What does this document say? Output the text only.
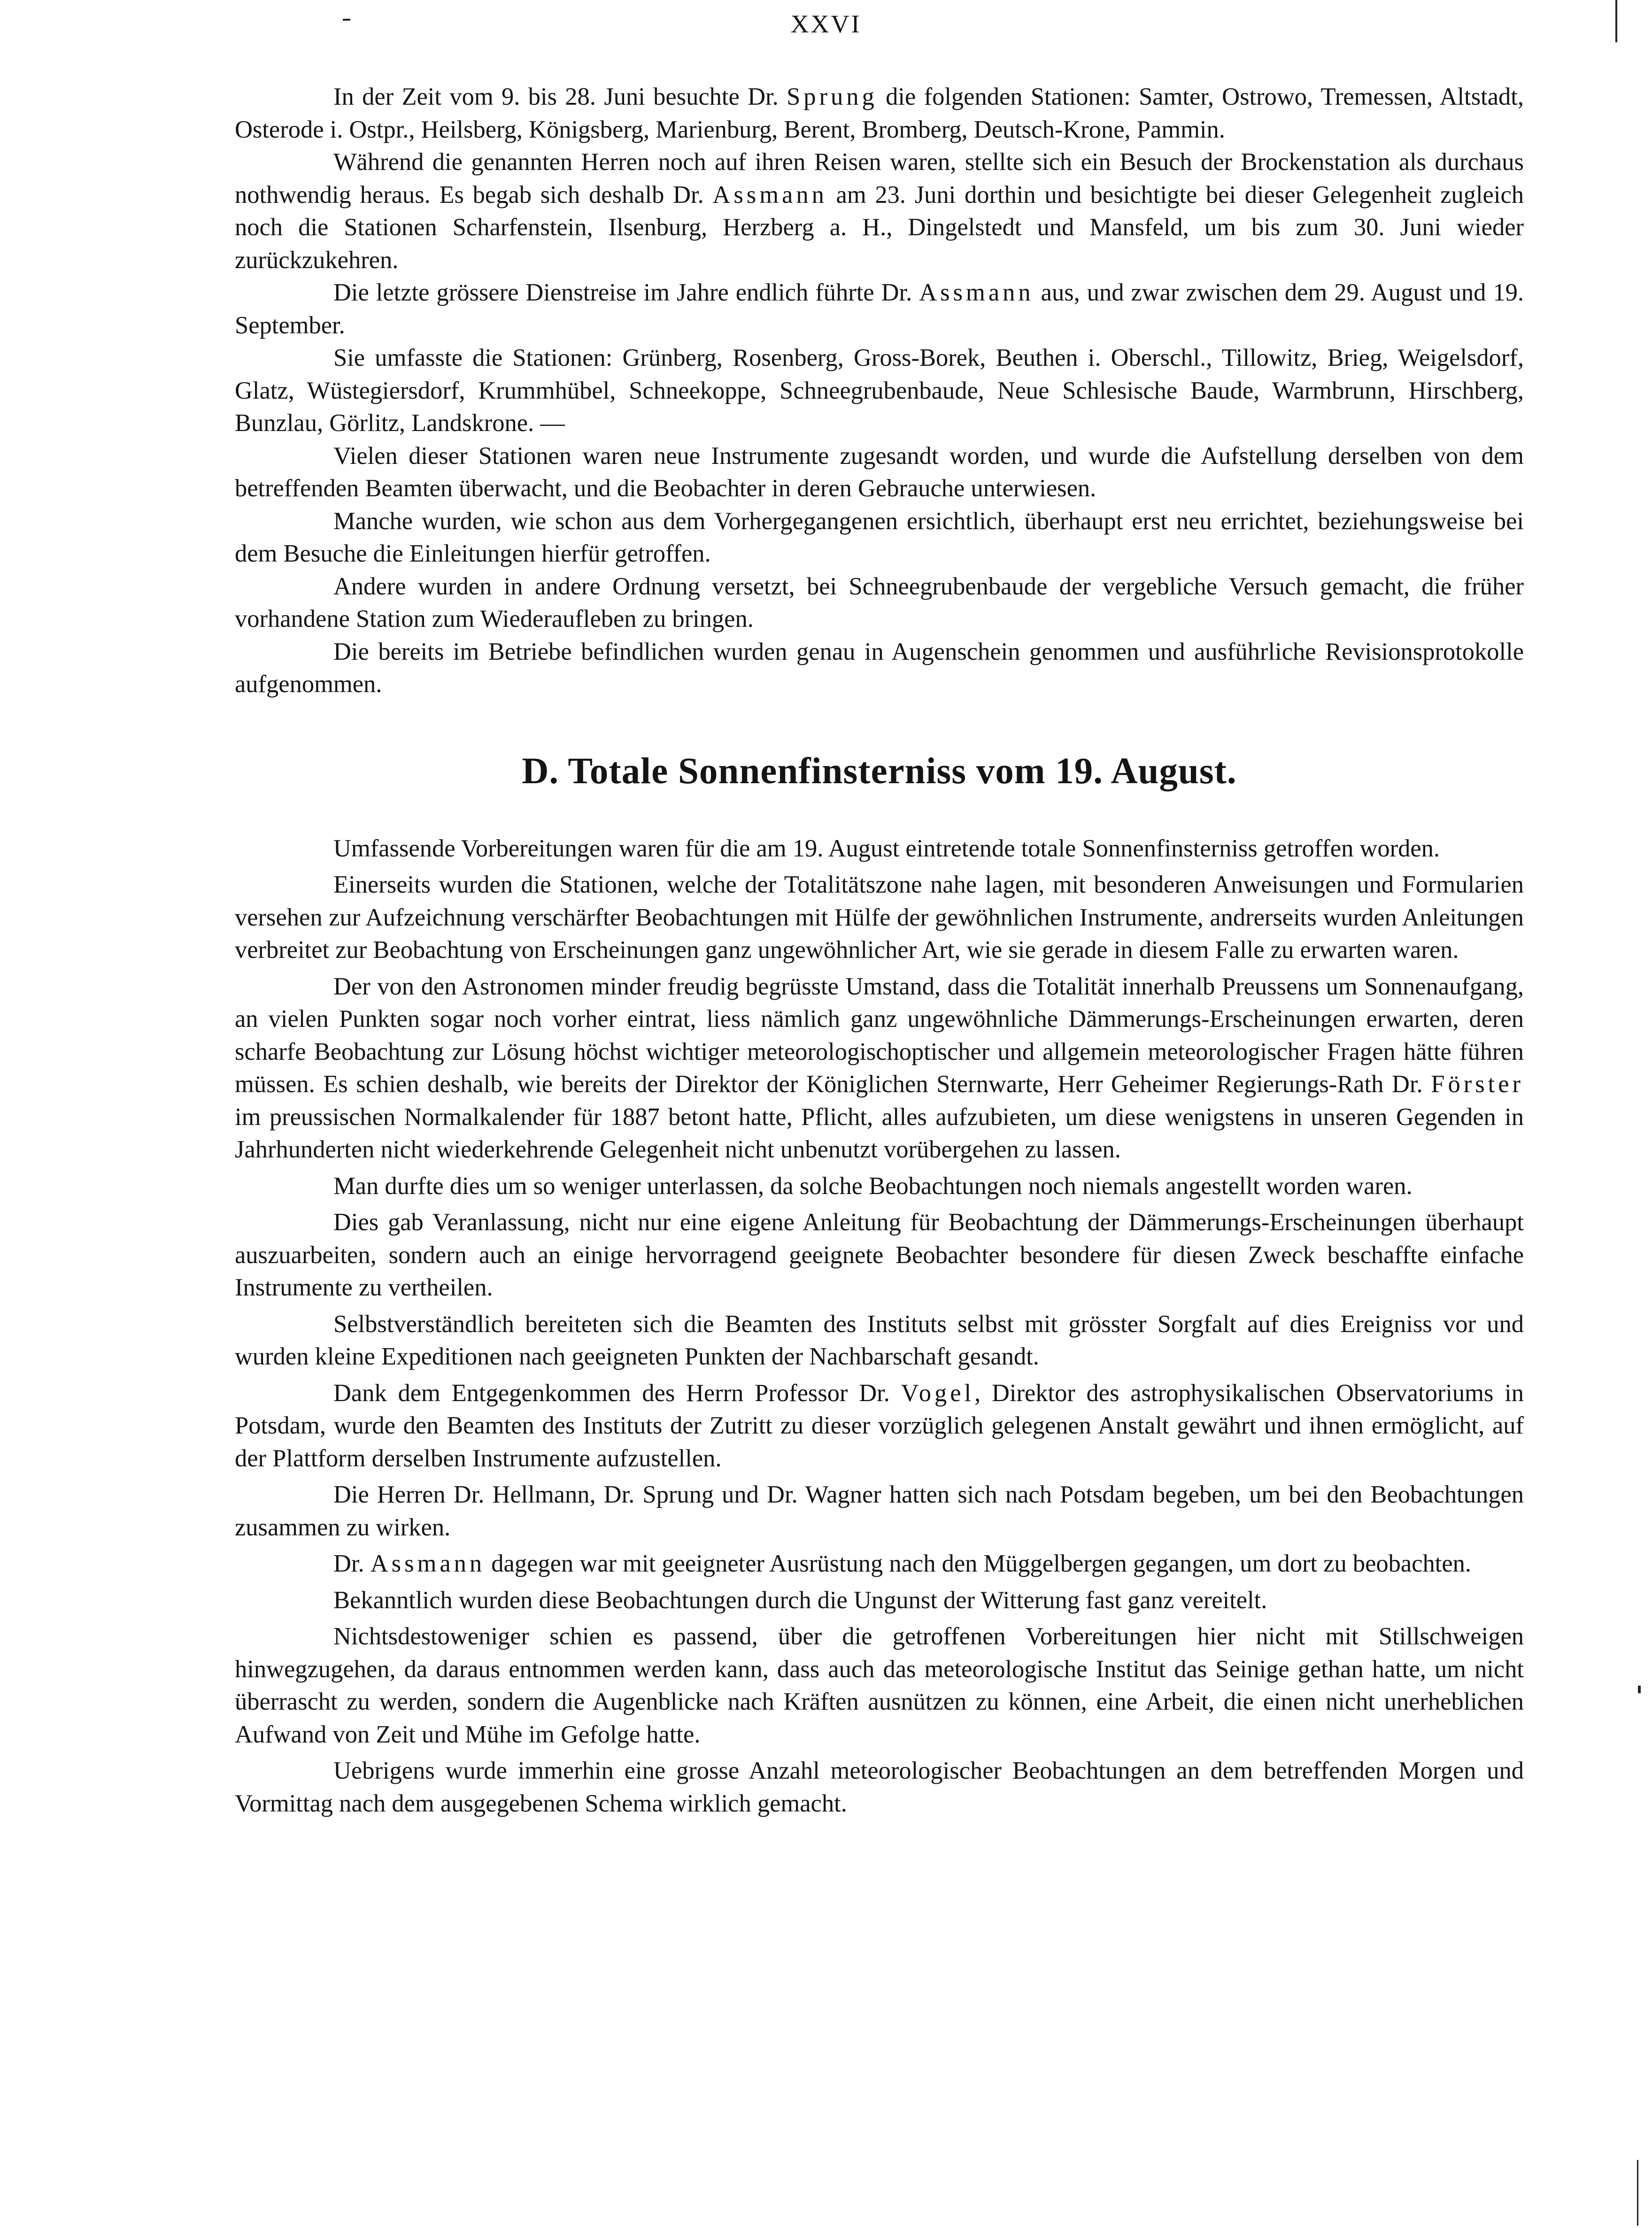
XXVI

In der Zeit vom 9. bis 28. Juni besuchte Dr. Sprung die folgenden Stationen: Samter, Ostrowo, Tremessen, Altstadt, Osterode i. Ostpr., Heilsberg, Königsberg, Marienburg, Berent, Bromberg, Deutsch-Krone, Pammin.

Während die genannten Herren noch auf ihren Reisen waren, stellte sich ein Besuch der Brockenstation als durchaus nothwendig heraus. Es begab sich deshalb Dr. Assmann am 23. Juni dorthin und besichtigte bei dieser Gelegenheit zugleich noch die Stationen Scharfenstein, Ilsenburg, Herzberg a. H., Dingelstedt und Mansfeld, um bis zum 30. Juni wieder zurückzukehren.

Die letzte grössere Dienstreise im Jahre endlich führte Dr. Assmann aus, und zwar zwischen dem 29. August und 19. September.

Sie umfasste die Stationen: Grünberg, Rosenberg, Gross-Borek, Beuthen i. Oberschl., Tillowitz, Brieg, Weigelsdorf, Glatz, Wüstegiersdorf, Krummhübel, Schneekoppe, Schneegrubenbaude, Neue Schlesische Baude, Warmbrunn, Hirschberg, Bunzlau, Görlitz, Landskrone. —

Vielen dieser Stationen waren neue Instrumente zugesandt worden, und wurde die Aufstellung derselben von dem betreffenden Beamten überwacht, und die Beobachter in deren Gebrauche unterwiesen.

Manche wurden, wie schon aus dem Vorhergegangenen ersichtlich, überhaupt erst neu errichtet, beziehungsweise bei dem Besuche die Einleitungen hierfür getroffen.

Andere wurden in andere Ordnung versetzt, bei Schneegrubenbaude der vergebliche Versuch gemacht, die früher vorhandene Station zum Wiederaufleben zu bringen.

Die bereits im Betriebe befindlichen wurden genau in Augenschein genommen und ausführliche Revisionsprotokolle aufgenommen.

D. Totale Sonnenfinsterniss vom 19. August.

Umfassende Vorbereitungen waren für die am 19. August eintretende totale Sonnenfinsterniss getroffen worden.

Einerseits wurden die Stationen, welche der Totalitätszone nahe lagen, mit besonderen Anweisungen und Formularien versehen zur Aufzeichnung verschärfter Beobachtungen mit Hülfe der gewöhnlichen Instrumente, andrerseits wurden Anleitungen verbreitet zur Beobachtung von Erscheinungen ganz ungewöhnlicher Art, wie sie gerade in diesem Falle zu erwarten waren.

Der von den Astronomen minder freudig begrüsste Umstand, dass die Totalität innerhalb Preussens um Sonnenaufgang, an vielen Punkten sogar noch vorher eintrat, liess nämlich ganz ungewöhnliche Dämmerungs-Erscheinungen erwarten, deren scharfe Beobachtung zur Lösung höchst wichtiger meteorologischoptischer und allgemein meteorologischer Fragen hätte führen müssen. Es schien deshalb, wie bereits der Direktor der Königlichen Sternwarte, Herr Geheimer Regierungs-Rath Dr. Förster im preussischen Normalkalender für 1887 betont hatte, Pflicht, alles aufzubieten, um diese wenigstens in unseren Gegenden in Jahrhunderten nicht wiederkehrende Gelegenheit nicht unbenutzt vorübergehen zu lassen.

Man durfte dies um so weniger unterlassen, da solche Beobachtungen noch niemals angestellt worden waren.

Dies gab Veranlassung, nicht nur eine eigene Anleitung für Beobachtung der Dämmerungs-Erscheinungen überhaupt auszuarbeiten, sondern auch an einige hervorragend geeignete Beobachter besondere für diesen Zweck beschaffte einfache Instrumente zu vertheilen.

Selbstverständlich bereiteten sich die Beamten des Instituts selbst mit grösster Sorgfalt auf dies Ereigniss vor und wurden kleine Expeditionen nach geeigneten Punkten der Nachbarschaft gesandt.

Dank dem Entgegenkommen des Herrn Professor Dr. Vogel, Direktor des astrophysikalischen Observatoriums in Potsdam, wurde den Beamten des Instituts der Zutritt zu dieser vorzüglich gelegenen Anstalt gewährt und ihnen ermöglicht, auf der Plattform derselben Instrumente aufzustellen.

Die Herren Dr. Hellmann, Dr. Sprung und Dr. Wagner hatten sich nach Potsdam begeben, um bei den Beobachtungen zusammen zu wirken.

Dr. Assmann dagegen war mit geeigneter Ausrüstung nach den Müggelbergen gegangen, um dort zu beobachten.

Bekanntlich wurden diese Beobachtungen durch die Ungunst der Witterung fast ganz vereitelt.

Nichtsdestoweniger schien es passend, über die getroffenen Vorbereitungen hier nicht mit Stillschweigen hinwegzugehen, da daraus entnommen werden kann, dass auch das meteorologische Institut das Seinige gethan hatte, um nicht überrascht zu werden, sondern die Augenblicke nach Kräften ausnützen zu können, eine Arbeit, die einen nicht unerheblichen Aufwand von Zeit und Mühe im Gefolge hatte.

Uebrigens wurde immerhin eine grosse Anzahl meteorologischer Beobachtungen an dem betreffenden Morgen und Vormittag nach dem ausgegebenen Schema wirklich gemacht.
